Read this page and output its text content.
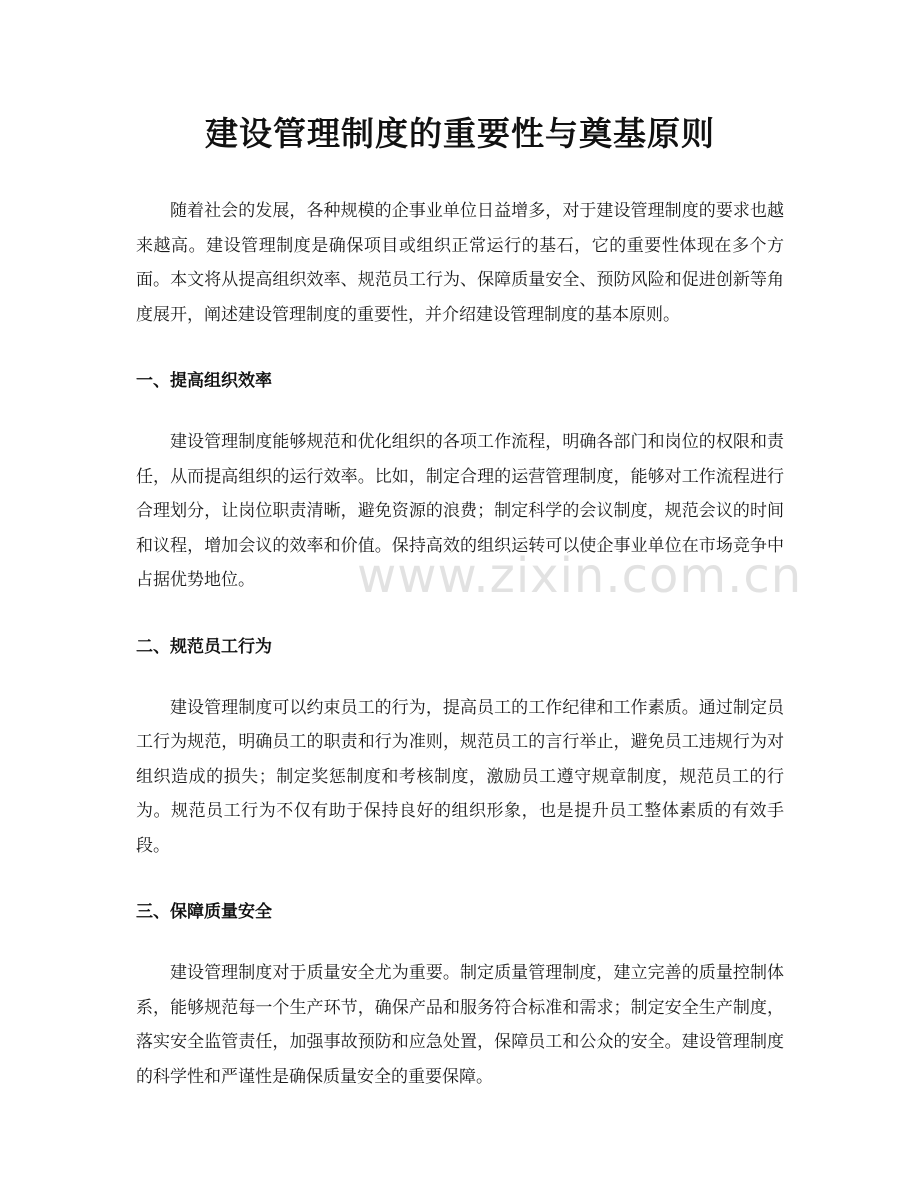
建设管理制度的重要性与奠基原则

随着社会的发展，各种规模的企事业单位日益增多，对于建设管理制度的要求也越来越高。建设管理制度是确保项目或组织正常运行的基石，它的重要性体现在多个方面。本文将从提高组织效率、规范员工行为、保障质量安全、预防风险和促进创新等角度展开，阐述建设管理制度的重要性，并介绍建设管理制度的基本原则。

一、提高组织效率

建设管理制度能够规范和优化组织的各项工作流程，明确各部门和岗位的权限和责任，从而提高组织的运行效率。比如，制定合理的运营管理制度，能够对工作流程进行合理划分，让岗位职责清晰，避免资源的浪费；制定科学的会议制度，规范会议的时间和议程，增加会议的效率和价值。保持高效的组织运转可以使企事业单位在市场竞争中占据优势地位。

二、规范员工行为

建设管理制度可以约束员工的行为，提高员工的工作纪律和工作素质。通过制定员工行为规范，明确员工的职责和行为准则，规范员工的言行举止，避免员工违规行为对组织造成的损失；制定奖惩制度和考核制度，激励员工遵守规章制度，规范员工的行为。规范员工行为不仅有助于保持良好的组织形象，也是提升员工整体素质的有效手段。

三、保障质量安全

建设管理制度对于质量安全尤为重要。制定质量管理制度，建立完善的质量控制体系，能够规范每一个生产环节，确保产品和服务符合标准和需求；制定安全生产制度，落实安全监管责任，加强事故预防和应急处置，保障员工和公众的安全。建设管理制度的科学性和严谨性是确保质量安全的重要保障。

www.zixin.com.cn
